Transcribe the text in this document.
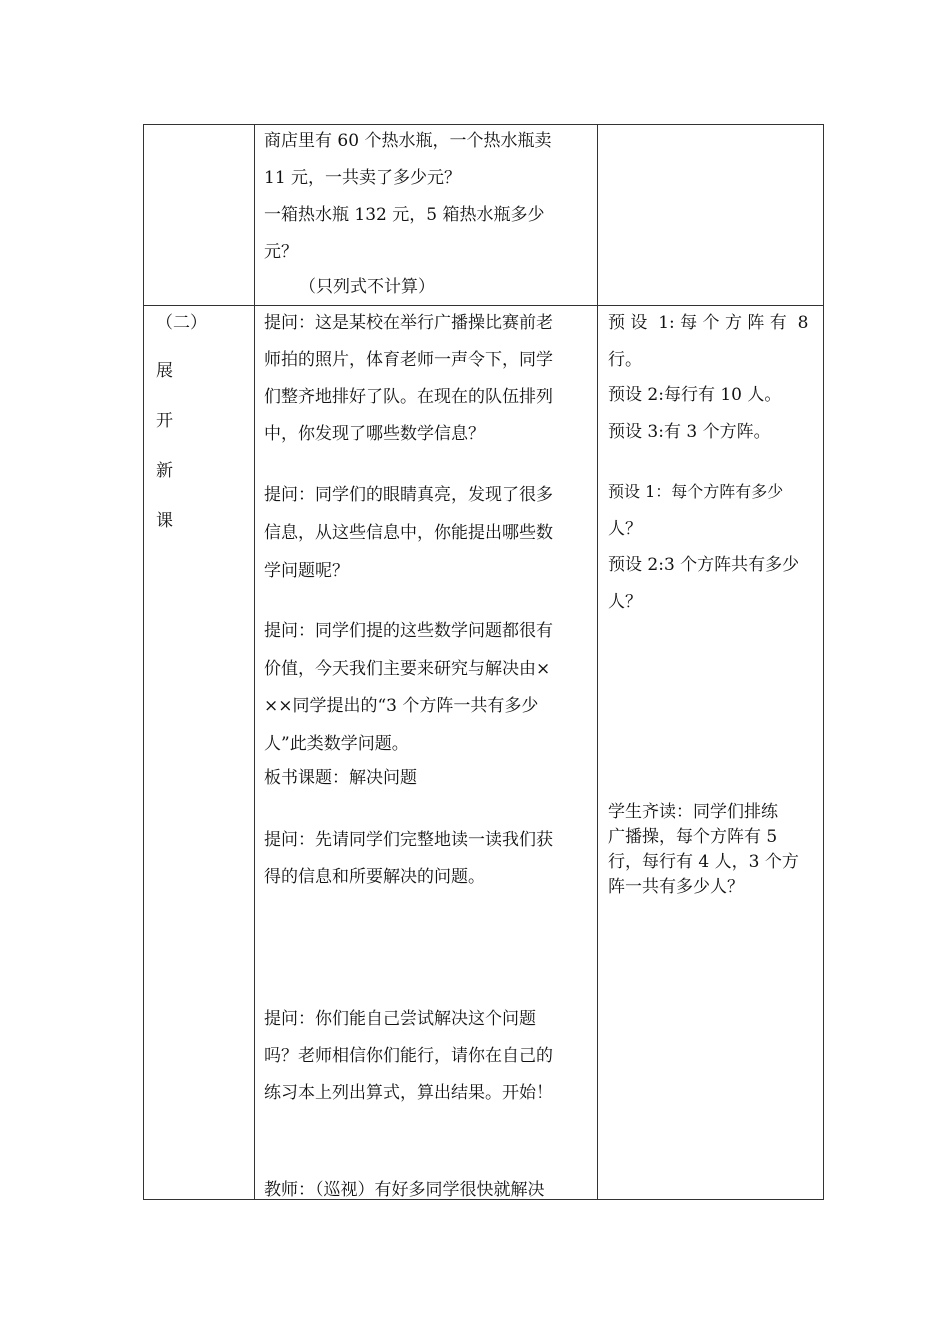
商店里有 60 个热水瓶，一个热水瓶卖
11 元，一共卖了多少元？
一箱热水瓶 132 元，5 箱热水瓶多少
元？
（只列式不计算）
（二）
展
开
新
课
提问：这是某校在举行广播操比赛前老
师拍的照片，体育老师一声令下，同学
们整齐地排好了队。在现在的队伍排列
中，你发现了哪些数学信息？
提问：同学们的眼睛真亮，发现了很多
信息，从这些信息中，你能提出哪些数
学问题呢？
提问：同学们提的这些数学问题都很有
价值，今天我们主要来研究与解决由×
××同学提出的“3 个方阵一共有多少
人”此类数学问题。
板书课题：解决问题
提问：先请同学们完整地读一读我们获
得的信息和所要解决的问题。
提问：你们能自己尝试解决这个问题
吗？老师相信你们能行，请你在自己的
练习本上列出算式，算出结果。开始！
教师：（巡视）有好多同学很快就解决
预 设  1: 每 个 方 阵 有  8
行。
预设 2:每行有 10 人。
预设 3:有 3 个方阵。
预设 1：每个方阵有多少
人？
预设 2:3 个方阵共有多少
人？
学生齐读：同学们排练
广播操，每个方阵有 5
行，每行有 4 人，3 个方
阵一共有多少人？
